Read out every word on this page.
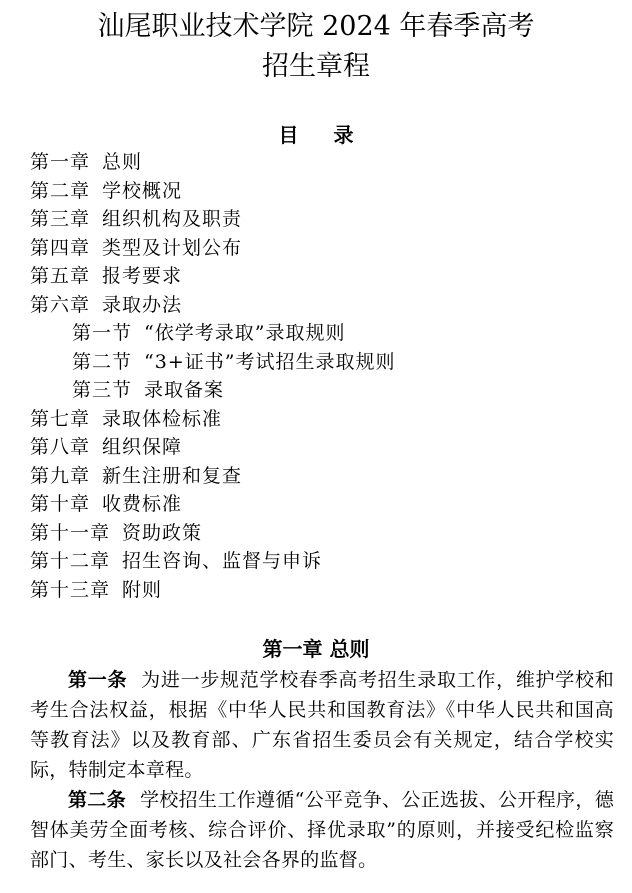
汕尾职业技术学院 2024 年春季高考
招生章程
目 录
第一章 总则
第二章 学校概况
第三章 组织机构及职责
第四章 类型及计划公布
第五章 报考要求
第六章 录取办法
第一节 “依学考录取”录取规则
第二节 “3+证书”考试招生录取规则
第三节 录取备案
第七章 录取体检标准
第八章 组织保障
第九章 新生注册和复查
第十章 收费标准
第十一章 资助政策
第十二章 招生咨询、监督与申诉
第十三章 附则
第一章 总则

第一条 为进一步规范学校春季高考招生录取工作，维护学校和考生合法权益，根据《中华人民共和国教育法》《中华人民共和国高等教育法》以及教育部、广东省招生委员会有关规定，结合学校实际，特制定本章程。

第二条 学校招生工作遵循“公平竞争、公正选拔、公开程序，德智体美劳全面考核、综合评价、择优录取”的原则，并接受纪检监察部门、考生、家长以及社会各界的监督。
